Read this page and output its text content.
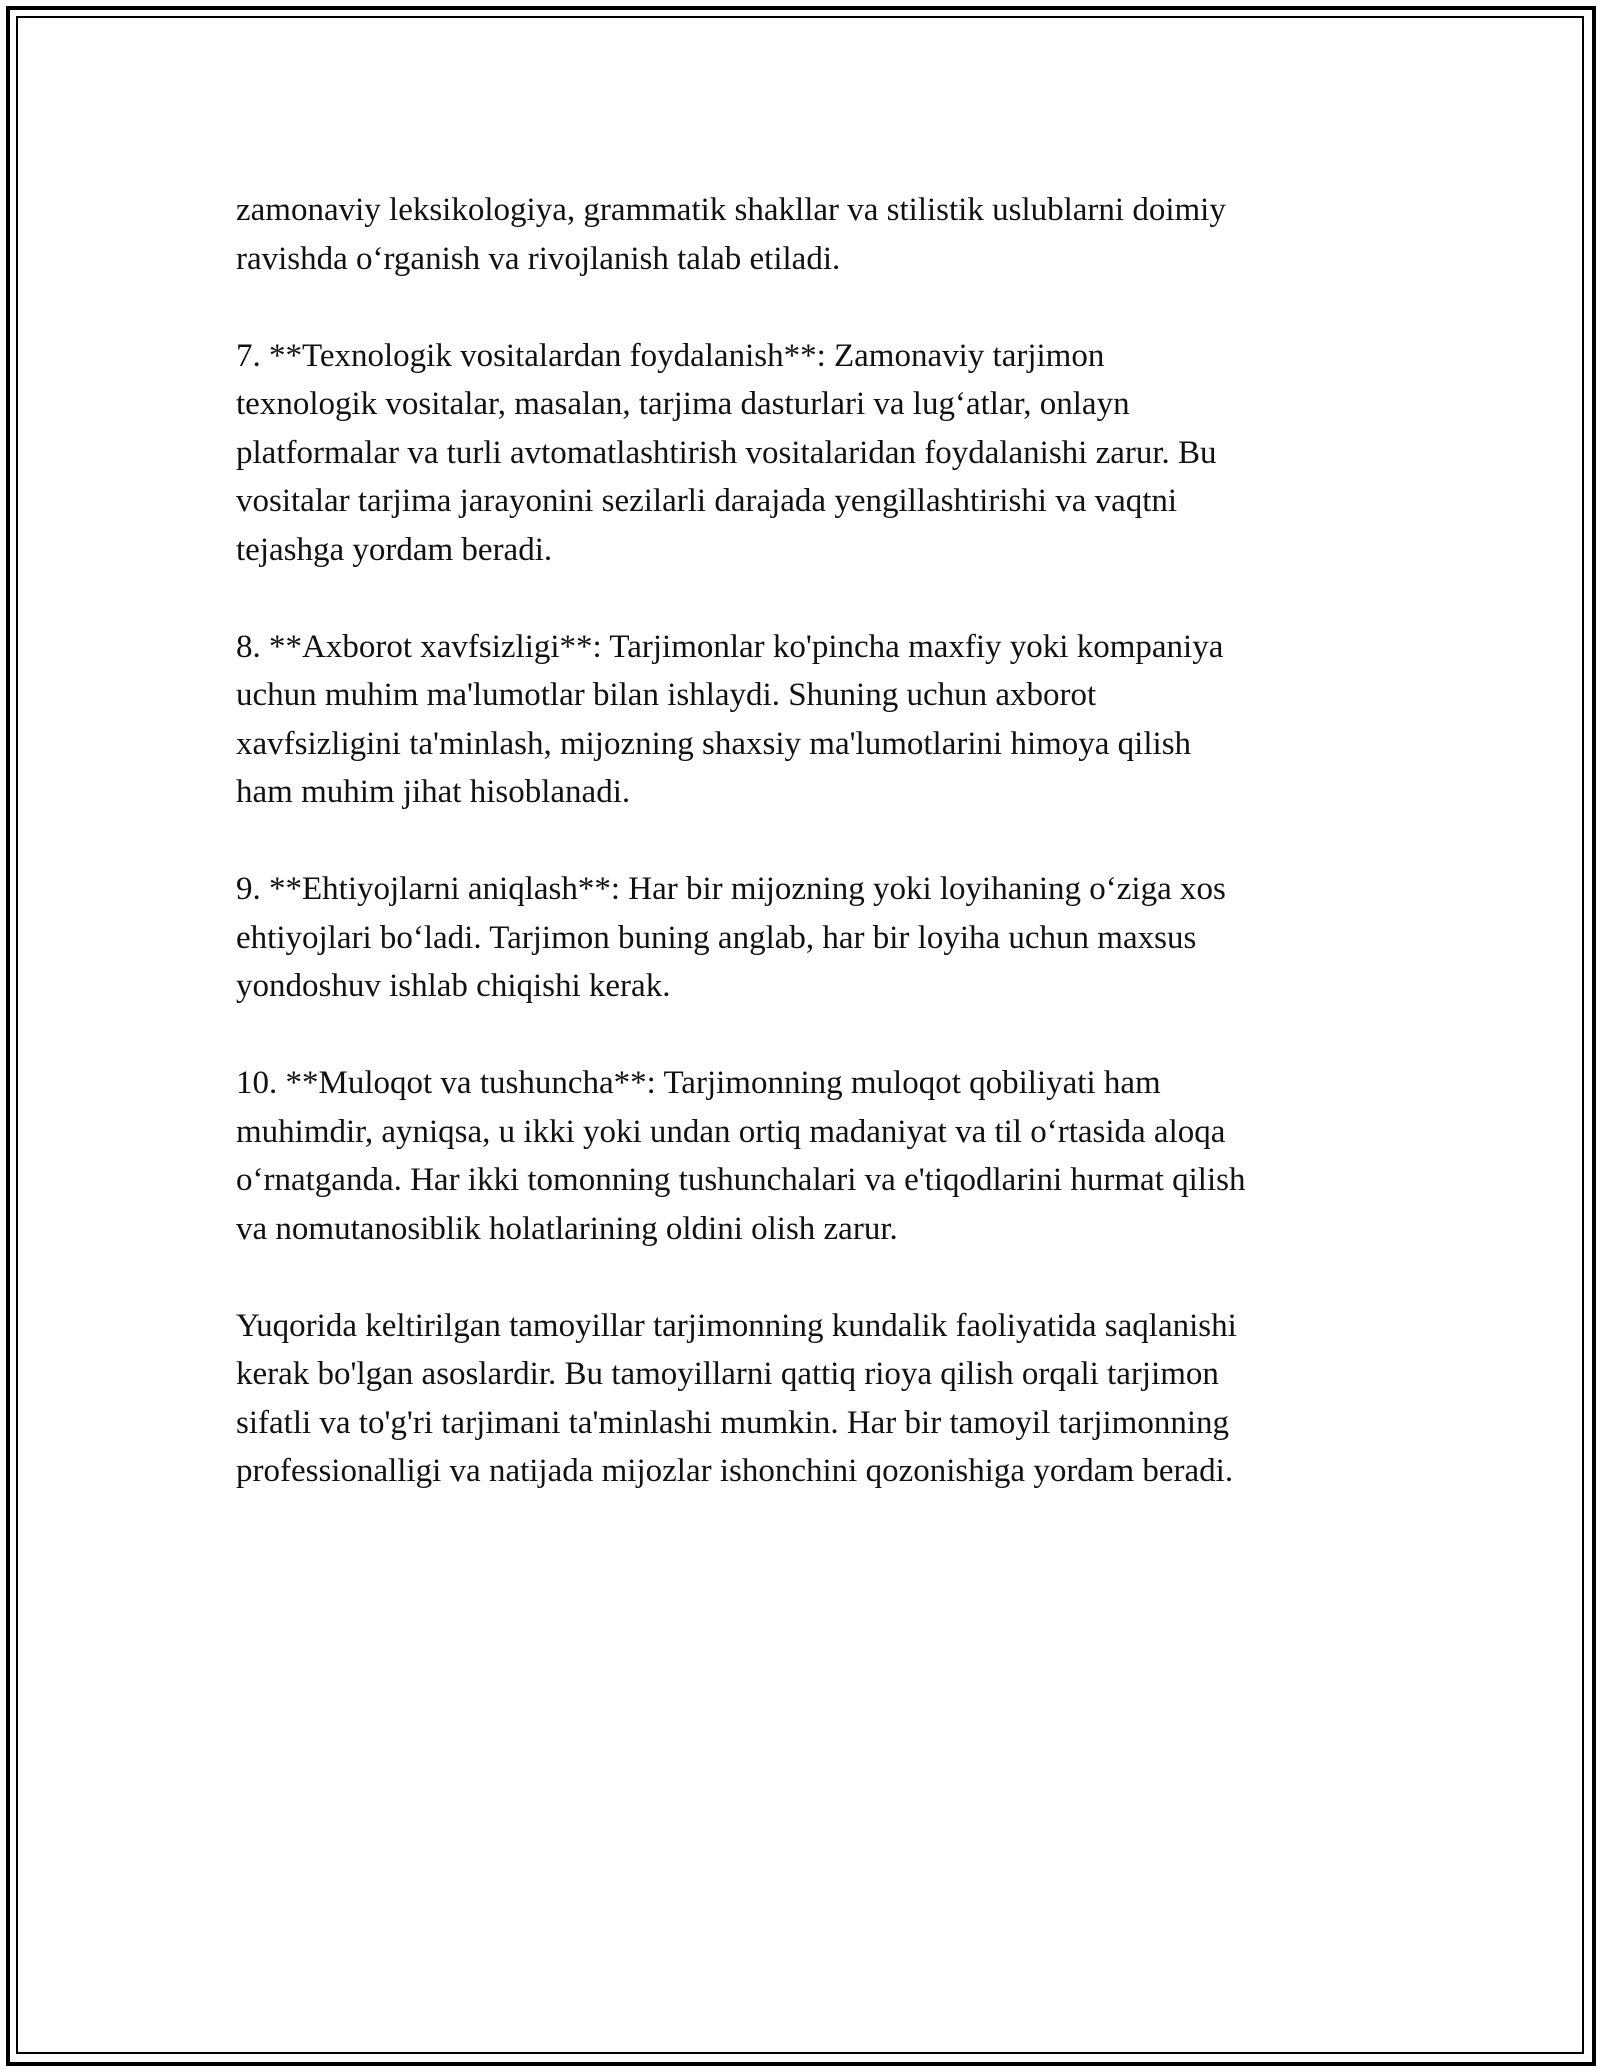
zamonaviy leksikologiya, grammatik shakllar va stilistik uslublarni doimiy
ravishda o‘rganish va rivojlanish talab etiladi.

7. **Texnologik vositalardan foydalanish**: Zamonaviy tarjimon
texnologik vositalar, masalan, tarjima dasturlari va lug‘atlar, onlayn
platformalar va turli avtomatlashtirish vositalaridan foydalanishi zarur. Bu
vositalar tarjima jarayonini sezilarli darajada yengillashtirishi va vaqtni
tejashga yordam beradi.

8. **Axborot xavfsizligi**: Tarjimonlar ko'pincha maxfiy yoki kompaniya
uchun muhim ma'lumotlar bilan ishlaydi. Shuning uchun axborot
xavfsizligini ta'minlash, mijozning shaxsiy ma'lumotlarini himoya qilish
ham muhim jihat hisoblanadi.

9. **Ehtiyojlarni aniqlash**: Har bir mijozning yoki loyihaning o‘ziga xos
ehtiyojlari bo‘ladi. Tarjimon buning anglab, har bir loyiha uchun maxsus
yondoshuv ishlab chiqishi kerak.

10. **Muloqot va tushuncha**: Tarjimonning muloqot qobiliyati ham
muhimdir, ayniqsa, u ikki yoki undan ortiq madaniyat va til o‘rtasida aloqa
o‘rnatganda. Har ikki tomonning tushunchalari va e'tiqodlarini hurmat qilish
va nomutanosiblik holatlarining oldini olish zarur.

Yuqorida keltirilgan tamoyillar tarjimonning kundalik faoliyatida saqlanishi
kerak bo'lgan asoslardir. Bu tamoyillarni qattiq rioya qilish orqali tarjimon
sifatli va to'g'ri tarjimani ta'minlashi mumkin. Har bir tamoyil tarjimonning
professionalligi va natijada mijozlar ishonchini qozonishiga yordam beradi.
